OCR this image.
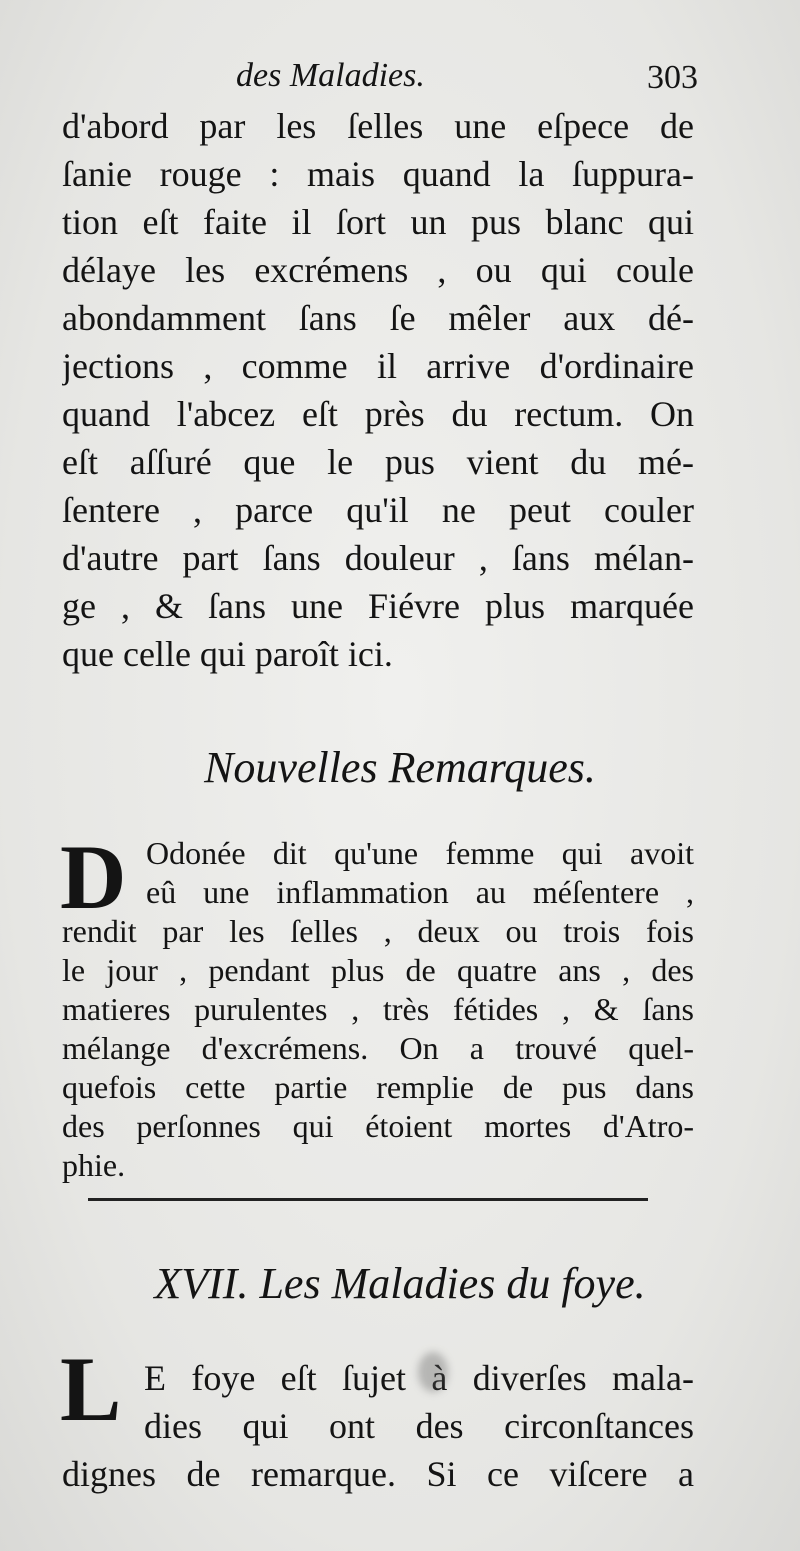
des Maladies.	303
d'abord par les ſelles une eſpece de
ſanie rouge : mais quand la ſuppura-
tion eſt faite il ſort un pus blanc qui
délaye les excrémens , ou qui coule
abondamment ſans ſe mêler aux dé-
jections , comme il arrive d'ordinaire
quand l'abcez eſt près du rectum. On
eſt aſſuré que le pus vient du mé-
ſentere , parce qu'il ne peut couler
d'autre part ſans douleur , ſans mélan-
ge , & ſans une Fiévre plus marquée
que celle qui paroît ici.
Nouvelles Remarques.
D Odonée dit qu'une femme qui avoit
eû une inflammation au méſentere ,
rendit par les ſelles , deux ou trois fois
le jour , pendant plus de quatre ans , des
matieres purulentes , très fétides , & ſans
mélange d'excrémens. On a trouvé quel-
quefois cette partie remplie de pus dans
des perſonnes qui étoient mortes d'Atro-
phie.
XVII. Les Maladies du foye.
L E foye eſt ſujet à diverſes mala-
dies qui ont des circonſtances
dignes de remarque. Si ce viſcere a
